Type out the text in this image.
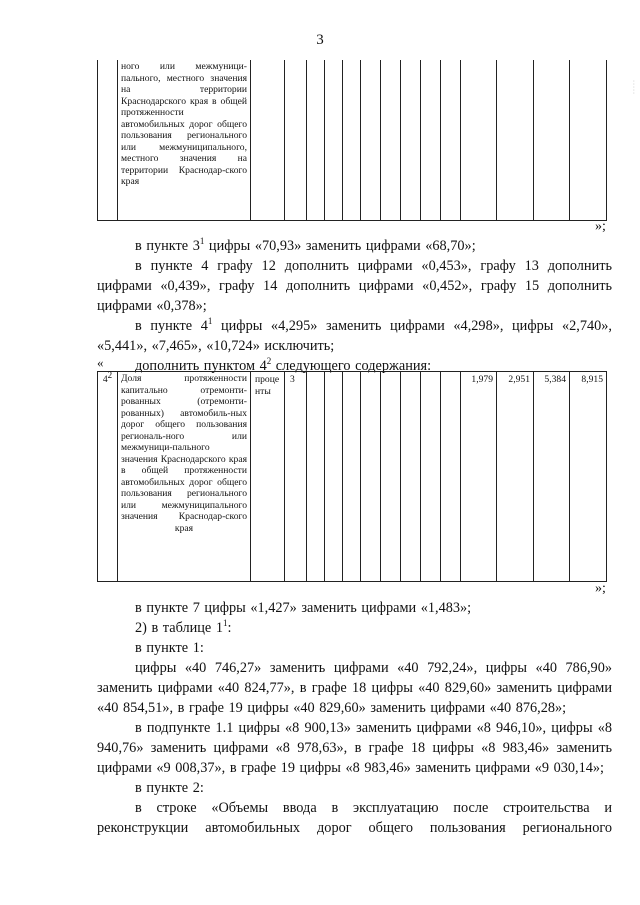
3
·····
	ного или межмуници-пального, местного значения на территории Краснодарского края в общей протяженности автомобильных дорог общего пользования регионального или межмуниципального, местного значения на территории Краснодар-ского края														
»;

в пункте $3^1$ цифры «70,93» заменить цифрами «68,70»;

в пункте 4 графу 12 дополнить цифрами «0,453», графу 13 дополнить цифрами «0,439», графу 14 дополнить цифрами «0,452», графу 15 дополнить цифрами «0,378»;

в пункте $4^1$ цифры «4,295» заменить цифрами «4,298», цифры «2,740», «5,441», «7,465», «10,724» исключить;

дополнить пунктом $4^2$ следующего содержания:

«
$4^2$	Доля протяженности капитально отремонти-рованных (отремонти-рованных) автомобиль-ных дорог общего пользования региональ-ного или межмуници-пального значения Краснодарского края в общей протяженности автомобильных дорог общего пользования регионального или межмуниципального значения Краснодар-ского края	проценты	3									1,979	2,951	5,384	8,915
»;

в пункте 7 цифры «1,427» заменить цифрами «1,483»;

2) в таблице $1^1$:

в пункте 1:

цифры «40 746,27» заменить цифрами «40 792,24», цифры «40 786,90» заменить цифрами «40 824,77», в графе 18 цифры «40 829,60» заменить цифрами «40 854,51», в графе 19 цифры «40 829,60» заменить цифрами «40 876,28»;

в подпункте 1.1 цифры «8 900,13» заменить цифрами «8 946,10», цифры «8 940,76» заменить цифрами «8 978,63», в графе 18 цифры «8 983,46» заменить цифрами «9 008,37», в графе 19 цифры «8 983,46» заменить цифрами «9 030,14»;

в пункте 2:

в строке «Объемы ввода в эксплуатацию после строительства и реконструкции автомобильных дорог общего пользования регионального
